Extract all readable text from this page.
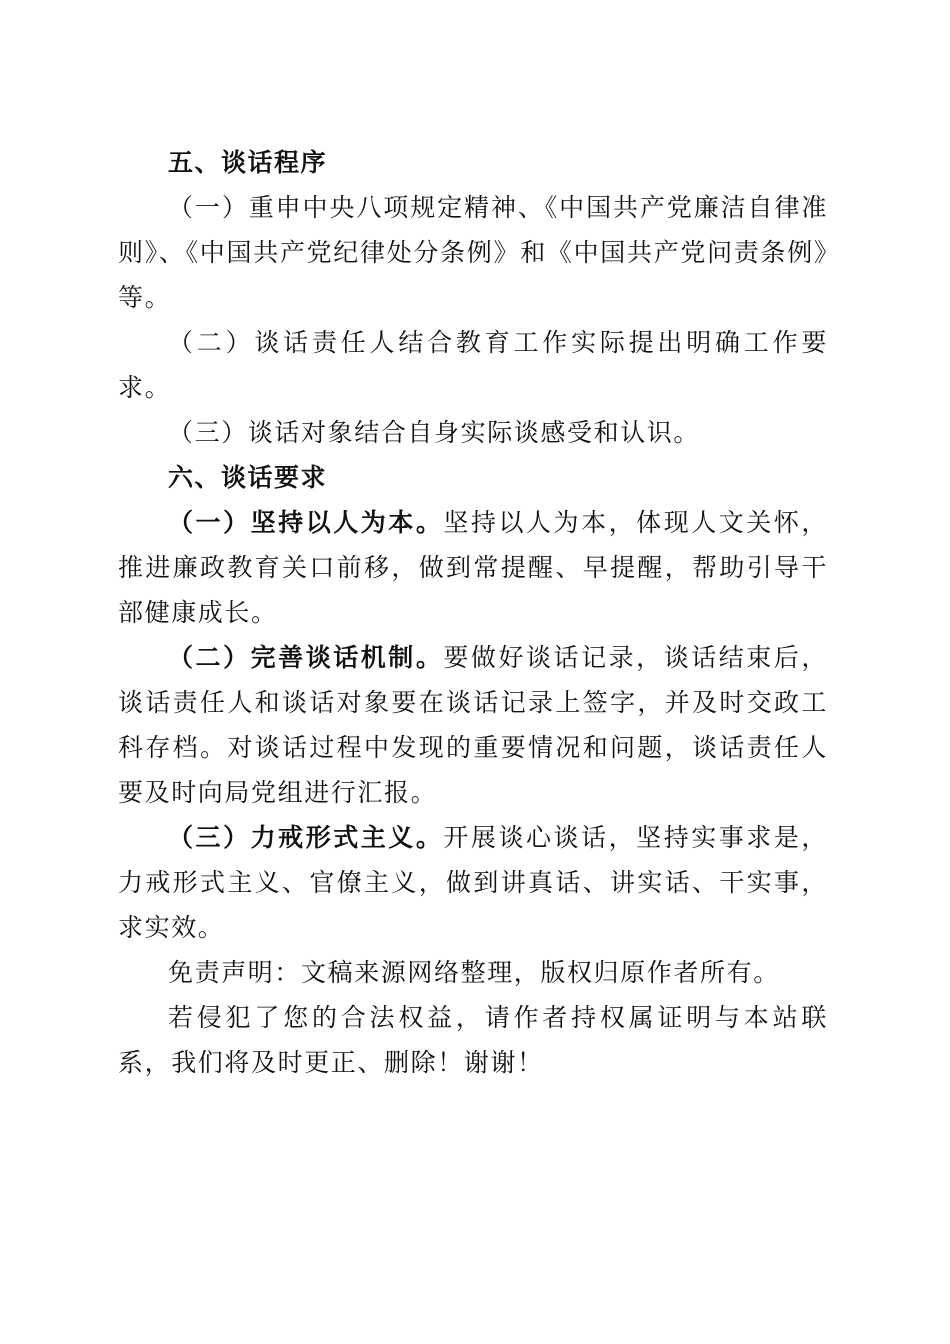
五、谈话程序

（一）重申中央八项规定精神、《中国共产党廉洁自律准则》、《中国共产党纪律处分条例》和《中国共产党问责条例》等。

（二）谈话责任人结合教育工作实际提出明确工作要求。

（三）谈话对象结合自身实际谈感受和认识。

六、谈话要求

（一）坚持以人为本。坚持以人为本，体现人文关怀，推进廉政教育关口前移，做到常提醒、早提醒，帮助引导干部健康成长。

（二）完善谈话机制。要做好谈话记录，谈话结束后，谈话责任人和谈话对象要在谈话记录上签字，并及时交政工科存档。对谈话过程中发现的重要情况和问题，谈话责任人要及时向局党组进行汇报。

（三）力戒形式主义。开展谈心谈话，坚持实事求是，力戒形式主义、官僚主义，做到讲真话、讲实话、干实事，求实效。

免责声明：文稿来源网络整理，版权归原作者所有。

若侵犯了您的合法权益，请作者持权属证明与本站联系，我们将及时更正、删除！谢谢！
